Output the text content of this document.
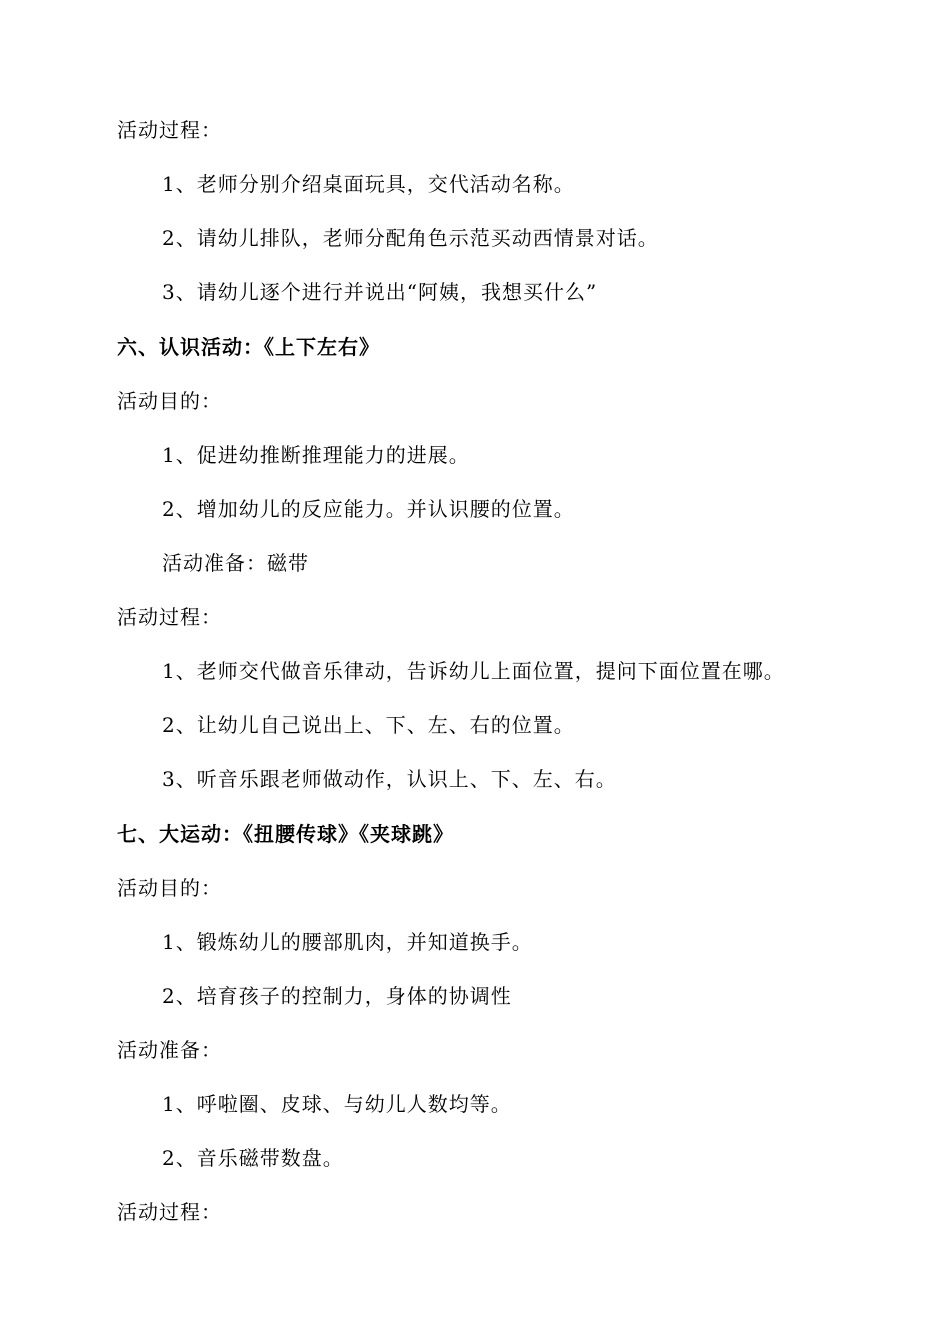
活动过程：
1、老师分别介绍桌面玩具，交代活动名称。
2、请幼儿排队，老师分配角色示范买动西情景对话。
3、请幼儿逐个进行并说出“阿姨，我想买什么”
六、认识活动：《上下左右》
活动目的：
1、促进幼推断推理能力的进展。
2、增加幼儿的反应能力。并认识腰的位置。
活动准备：磁带
活动过程：
1、老师交代做音乐律动，告诉幼儿上面位置，提问下面位置在哪。
2、让幼儿自己说出上、下、左、右的位置。
3、听音乐跟老师做动作，认识上、下、左、右。
七、大运动：《扭腰传球》《夹球跳》
活动目的：
1、锻炼幼儿的腰部肌肉，并知道换手。
2、培育孩子的控制力，身体的协调性
活动准备：
1、呼啦圈、皮球、与幼儿人数均等。
2、音乐磁带数盘。
活动过程：
